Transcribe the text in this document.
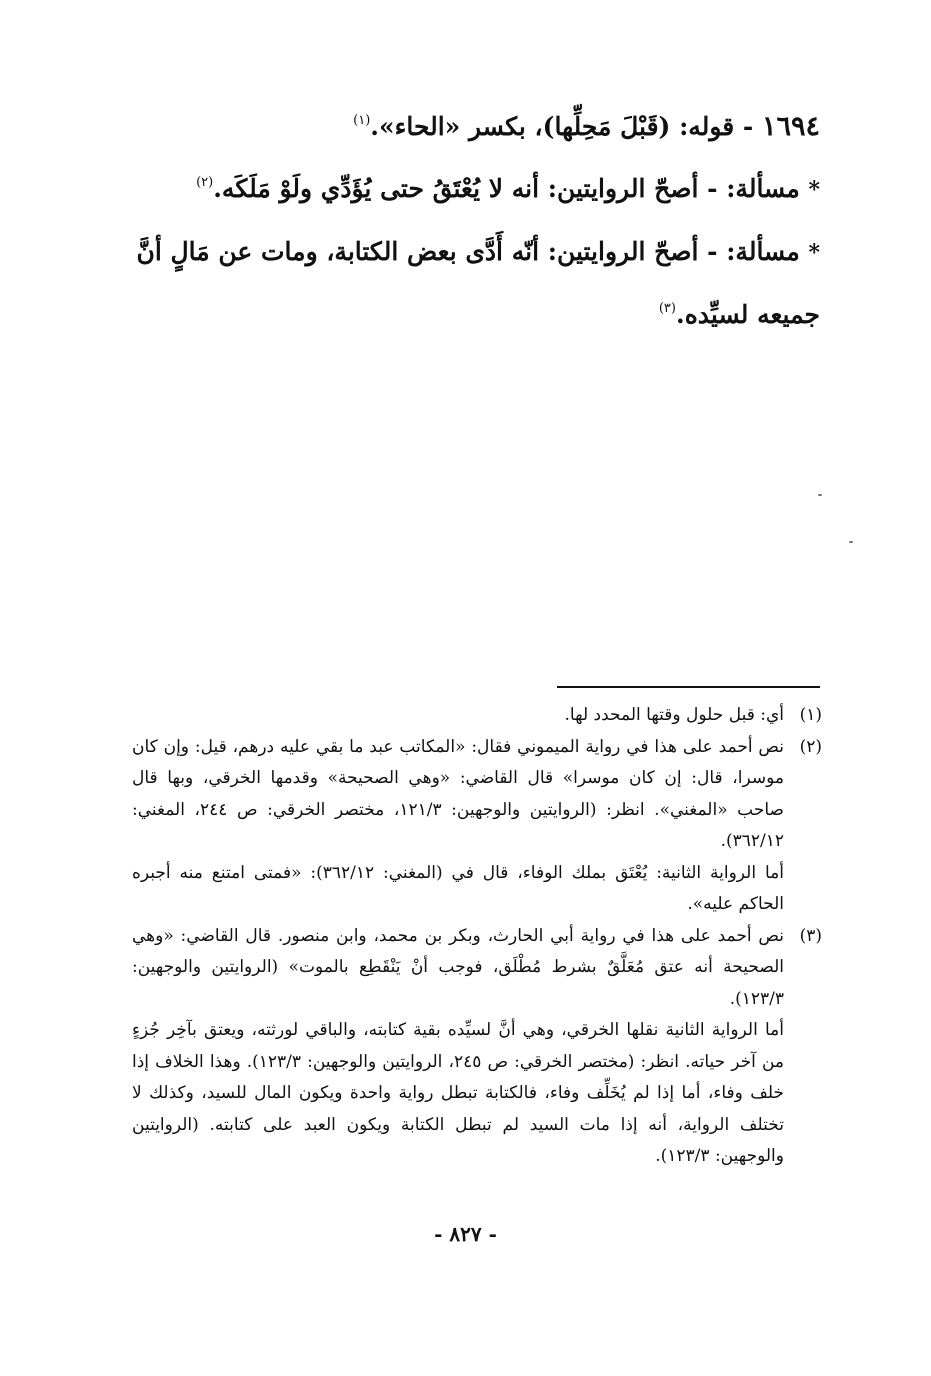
١٦٩٤ - قوله: (قَبْلَ مَحِلِّها)، بكسر «الحاء».$^{(١)}$

* مسألة: - أصحّ الروايتين: أنه لا يُعْتَقُ حتى يُؤَدِّي ولَوْ مَلَكَه.$^{(٢)}$

* مسألة: - أصحّ الروايتين: أنّه أَدَّى بعض الكتابة، ومات عن مَالٍ أنَّ جميعه لسيِّده.$^{(٣)}$

(١)

أي: قبل حلول وقتها المحدد لها.

(٢)

نص أحمد على هذا في رواية الميموني فقال: «المكاتب عبد ما بقي عليه درهم، قيل: وإن كان موسرا، قال: إن كان موسرا» قال القاضي: «وهي الصحيحة» وقدمها الخرقي، وبها قال صاحب «المغني». انظر: (الروايتين والوجهين: ١٢١/٣، مختصر الخرقي: ص ٢٤٤، المغني: ٣٦٢/١٢).

أما الرواية الثانية: يُعْتَق بملك الوفاء، قال في (المغني: ٣٦٢/١٢): «فمتى امتنع منه أجبره الحاكم عليه».

(٣)

نص أحمد على هذا في رواية أبي الحارث، وبكر بن محمد، وابن منصور. قال القاضي: «وهي الصحيحة أنه عتق مُعَلَّقٌ بشرط مُطْلَق، فوجب أنْ يَنْقَطِع بالموت» (الروايتين والوجهين: ١٢٣/٣).

أما الرواية الثانية نقلها الخرقي، وهي أنَّ لسيِّده بقية كتابته، والباقي لورثته، ويعتق بآخِر جُزءٍ من آخر حياته. انظر: (مختصر الخرقي: ص ٢٤٥، الروايتين والوجهين: ١٢٣/٣). وهذا الخلاف إذا خلف وفاء، أما إذا لم يُخَلِّف وفاء، فالكتابة تبطل رواية واحدة ويكون المال للسيد، وكذلك لا تختلف الرواية، أنه إذا مات السيد لم تبطل الكتابة ويكون العبد على كتابته. (الروايتين والوجهين: ١٢٣/٣).

- ٨٢٧ -
